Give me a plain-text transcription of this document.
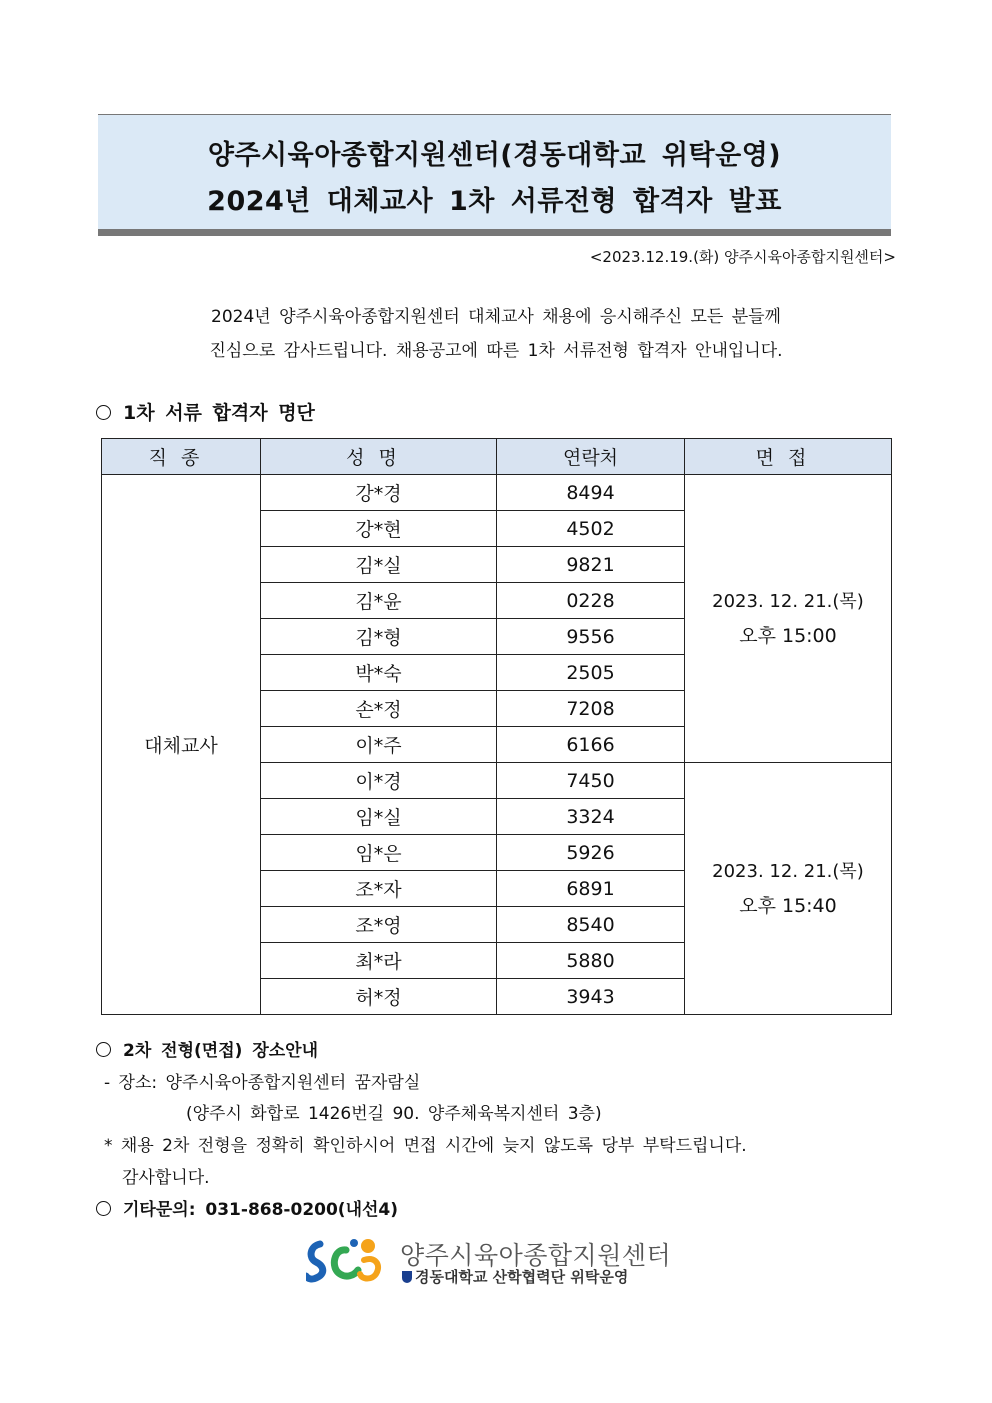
양주시육아종합지원센터(경동대학교 위탁운영)
2024년 대체교사 1차 서류전형 합격자 발표
<2023.12.19.(화) 양주시육아종합지원센터>
2024년 양주시육아종합지원센터 대체교사 채용에 응시해주신 모든 분들께
진심으로 감사드립니다. 채용공고에 따른 1차 서류전형 합격자 안내입니다.
1차 서류 합격자 명단
직종	성명	연락처	면접
대체교사	강*경	8494	2023. 12. 21.(목)
오후 15:00

	강*현	4502	
	김*실	9821	
	김*윤	0228	
	김*형	9556	
	박*숙	2505	
	손*정	7208	
	이*주	6166	
	이*경	7450	2023. 12. 21.(목)
오후 15:40

	임*실	3324	
	임*은	5926	
	조*자	6891	
	조*영	8540	
	최*라	5880	
	허*정	3943	
2차 전형(면접) 장소안내
- 장소: 양주시육아종합지원센터 꿈자람실
(양주시 화합로 1426번길 90. 양주체육복지센터 3층)
* 채용 2차 전형을 정확히 확인하시어 면접 시간에 늦지 않도록 당부 부탁드립니다.
감사합니다.
기타문의: 031-868-0200(내선4)
양주시육아종합지원센터
경동대학교 산학협력단 위탁운영
